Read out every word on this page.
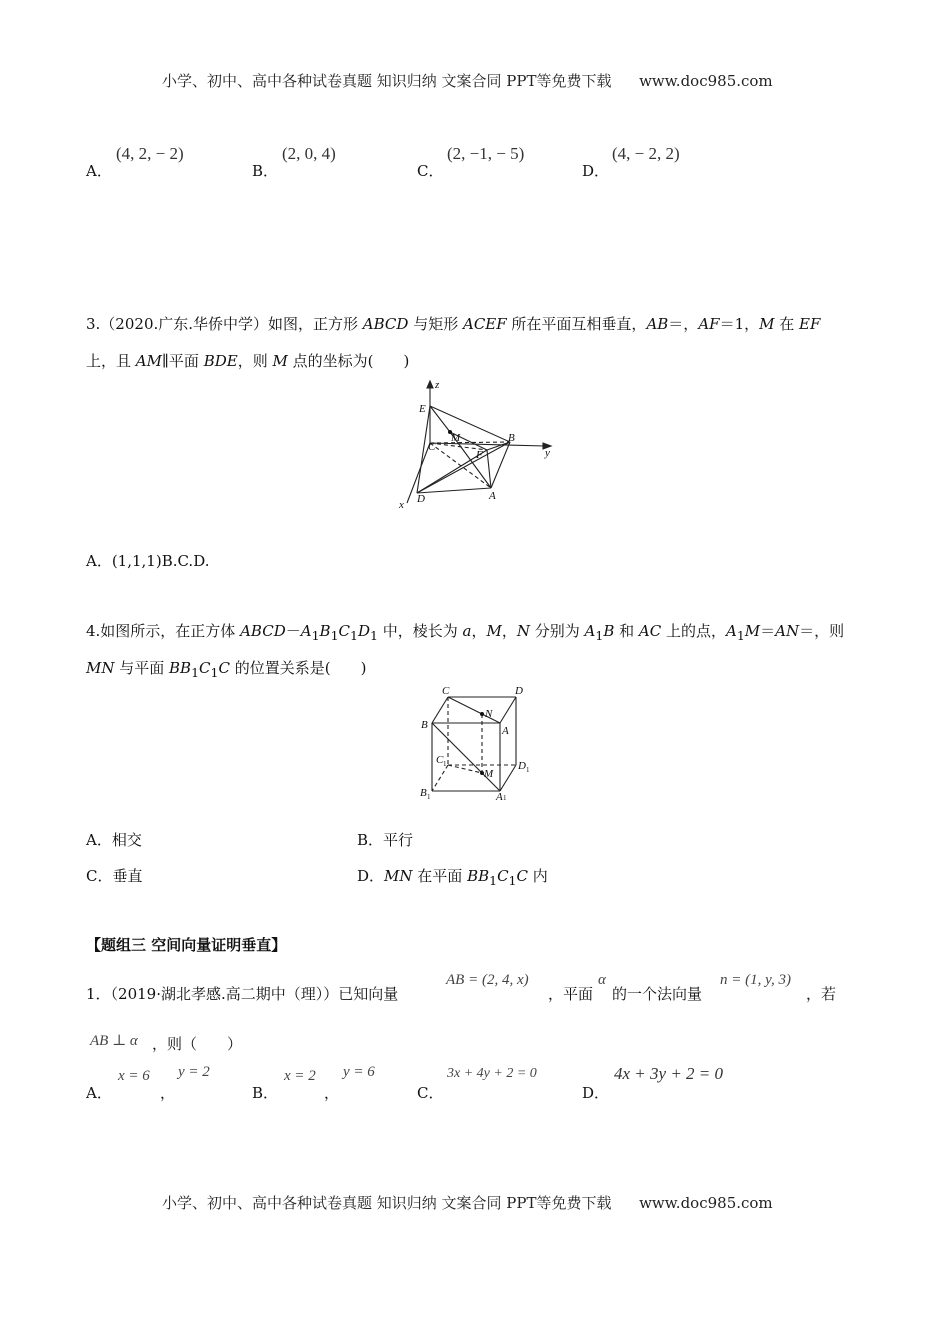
小学、初中、高中各种试卷真题 知识归纳 文案合同 PPT等免费下载 www.doc985.com
A．
(4, 2, − 2)
B．
(2, 0, 4)
C．
(2, −1, − 5)
D．
(4, − 2, 2)
3.（2020.广东.华侨中学）如图，正方形 ABCD 与矩形 ACEF 所在平面互相垂直，AB＝，AF＝1，M 在 EF
上，且 AM∥平面 BDE，则 M 点的坐标为(　　)
z
E
C
M	B
F	y
D	A
x
A．(1,1,1)B.C.D.
4.如图所示，在正方体 $ABCD-A_1B_1C_1D_1$ 中，棱长为 a，M，N 分别为 $A_1B$ 和 AC 上的点，$A_1M=AN=$，则
MN 与平面 $BB_1C_1C$ 的位置关系是(　　)
C	D
B
N
A
C 1	D 1
M
B 1	A 1
A．相交	B．平行
C．垂直	D．MN 在平面 $BB_1C_1C$ 内
【题组三 空间向量证明垂直】
1．（2019·湖北孝感.高二期中（理））已知向量
AB = (2, 4, x)
，平面
α
的一个法向量
n = (1, y, 3)
，若
AB ⊥ α ，则（　　）
A．
x = 6
，
y = 2
B．
x = 2
，
y = 6
C．
3x + 4y + 2 = 0
D．
4x + 3y + 2 = 0
小学、初中、高中各种试卷真题 知识归纳 文案合同 PPT等免费下载 www.doc985.com
